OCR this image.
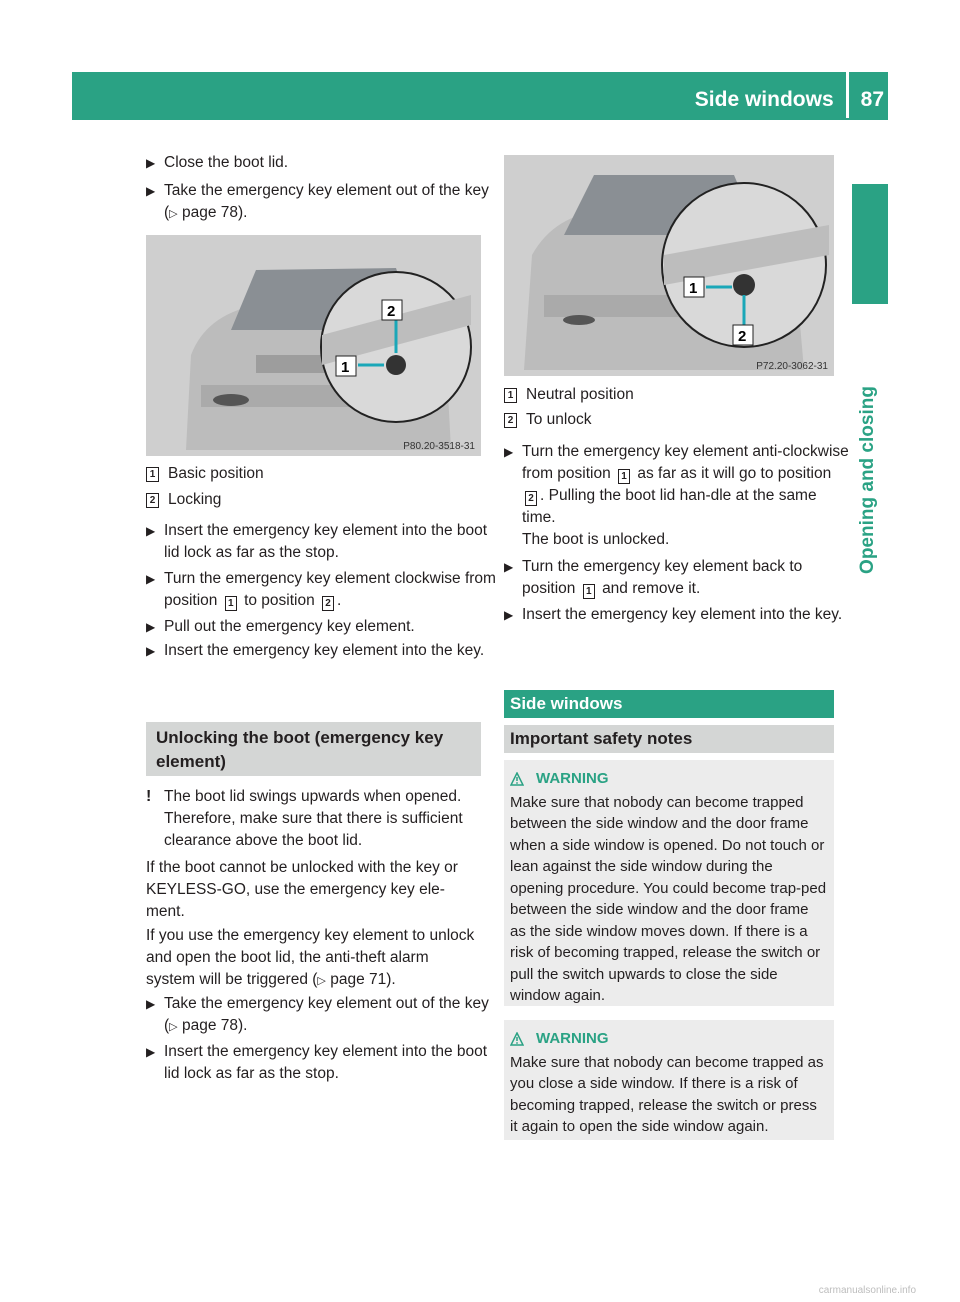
Side windows 87
Opening and closing
▶ Close the boot lid.
▶ Take the emergency key element out of the key (▷ page 78).
2
1
P80.20-3518-31
1 Basic position
2 Locking
▶ Insert the emergency key element into the boot lid lock as far as the stop.
▶ Turn the emergency key element clockwise from position 1 to position 2 .
▶ Pull out the emergency key element.
▶ Insert the emergency key element into the key.
Unlocking the boot (emergency key element)
! The boot lid swings upwards when opened. Therefore, make sure that there is sufficient clearance above the boot lid.

If the boot cannot be unlocked with the key or KEYLESS-GO, use the emergency key ele-ment.

If you use the emergency key element to unlock and open the boot lid, the anti-theft alarm system will be triggered (▷ page 71).

▶ Take the emergency key element out of the key (▷ page 78).
▶ Insert the emergency key element into the boot lid lock as far as the stop.
1
2
P72.20-3062-31
1 Neutral position
2 To unlock
▶ Turn the emergency key element anti-clockwise from position 1 as far as it will go to position 2 . Pulling the boot lid han-dle at the same time.
The boot is unlocked.
▶ Turn the emergency key element back to position 1 and remove it.
▶ Insert the emergency key element into the key.
Side windows
Important safety notes
WARNING
Make sure that nobody can become trapped between the side window and the door frame when a side window is opened. Do not touch or lean against the side window during the opening procedure. You could become trap-ped between the side window and the door frame as the side window moves down. If there is a risk of becoming trapped, release the switch or pull the switch upwards to close the side window again.
WARNING
Make sure that nobody can become trapped as you close a side window. If there is a risk of becoming trapped, release the switch or press it again to open the side window again.
carmanualsonline.info
